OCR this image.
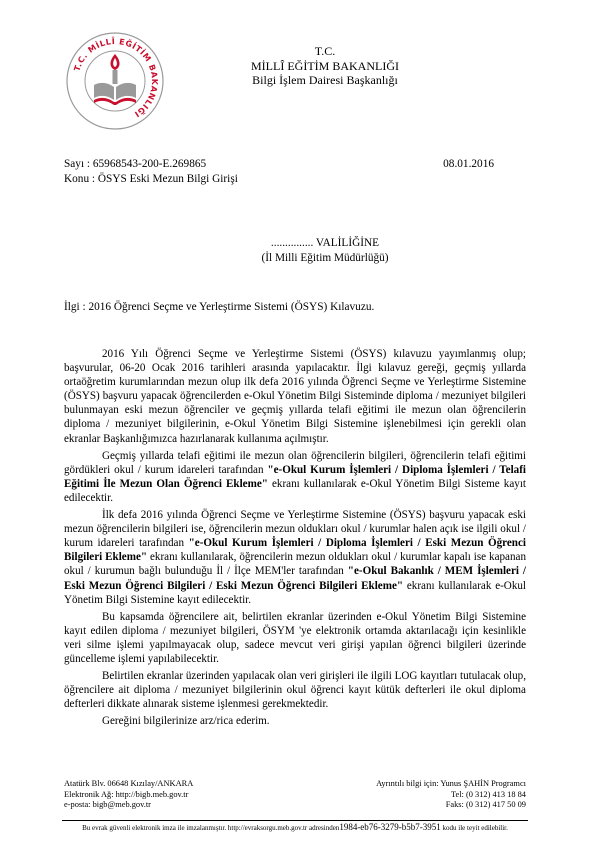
T.C. MİLLÎ EĞİTİM BAKANLIĞI
T.C.
MİLLÎ EĞİTİM BAKANLIĞI
Bilgi İşlem Dairesi Başkanlığı
Sayı : 65968543-200-E.269865	08.01.2016
Konu : ÖSYS Eski Mezun Bilgi Girişi
............... VALİLİĞİNE
(İl Milli Eğitim Müdürlüğü)
İlgi : 2016 Öğrenci Seçme ve Yerleştirme Sistemi (ÖSYS) Kılavuzu.

2016 Yılı Öğrenci Seçme ve Yerleştirme Sistemi (ÖSYS) kılavuzu yayımlanmış olup; başvurular, 06-20 Ocak 2016 tarihleri arasında yapılacaktır. İlgi kılavuz gereği, geçmiş yıllarda ortaöğretim kurumlarından mezun olup ilk defa 2016 yılında Öğrenci Seçme ve Yerleştirme Sistemine (ÖSYS) başvuru yapacak öğrencilerden e-Okul Yönetim Bilgi Sisteminde diploma / mezuniyet bilgileri bulunmayan eski mezun öğrenciler ve geçmiş yıllarda telafi eğitimi ile mezun olan öğrencilerin diploma / mezuniyet bilgilerinin, e-Okul Yönetim Bilgi Sistemine işlenebilmesi için gerekli olan ekranlar Başkanlığımızca hazırlanarak kullanıma açılmıştır.

Geçmiş yıllarda telafi eğitimi ile mezun olan öğrencilerin bilgileri, öğrencilerin telafi eğitimi gördükleri okul / kurum idareleri tarafından "e-Okul Kurum İşlemleri / Diploma İşlemleri / Telafi Eğitimi İle Mezun Olan Öğrenci Ekleme" ekranı kullanılarak e-Okul Yönetim Bilgi Sisteme kayıt edilecektir.

İlk defa 2016 yılında Öğrenci Seçme ve Yerleştirme Sistemine (ÖSYS) başvuru yapacak eski mezun öğrencilerin bilgileri ise, öğrencilerin mezun oldukları okul / kurumlar halen açık ise ilgili okul / kurum idareleri tarafından "e-Okul Kurum İşlemleri / Diploma İşlemleri / Eski Mezun Öğrenci Bilgileri Ekleme" ekranı kullanılarak, öğrencilerin mezun oldukları okul / kurumlar kapalı ise kapanan okul / kurumun bağlı bulunduğu İl / İlçe MEM'ler tarafından "e-Okul Bakanlık / MEM İşlemleri / Eski Mezun Öğrenci Bilgileri / Eski Mezun Öğrenci Bilgileri Ekleme" ekranı kullanılarak e-Okul Yönetim Bilgi Sistemine kayıt edilecektir.

Bu kapsamda öğrencilere ait, belirtilen ekranlar üzerinden e-Okul Yönetim Bilgi Sistemine kayıt edilen diploma / mezuniyet bilgileri, ÖSYM 'ye elektronik ortamda aktarılacağı için kesinlikle veri silme işlemi yapılmayacak olup, sadece mevcut veri girişi yapılan öğrenci bilgileri üzerinde güncelleme işlemi yapılabilecektir.

Belirtilen ekranlar üzerinden yapılacak olan veri girişleri ile ilgili LOG kayıtları tutulacak olup, öğrencilere ait diploma / mezuniyet bilgilerinin okul öğrenci kayıt kütük defterleri ile okul diploma defterleri dikkate alınarak sisteme işlenmesi gerekmektedir.

Gereğini bilgilerinize arz/rica ederim.

Atatürk Blv. 06648 Kızılay/ANKARA
Elektronik Ağ: http://bigb.meb.gov.tr
e-posta: bigb@meb.gov.tr
Ayrıntılı bilgi için: Yunus ŞAHİN Programcı
Tel: (0 312) 413 18 84
Faks: (0 312) 417 50 09
Bu evrak güvenli elektronik imza ile imzalanmıştır. http://evraksorgu.meb.gov.tr adresinden1984-eb76-3279-b5b7-3951 kodu ile teyit edilebilir.
